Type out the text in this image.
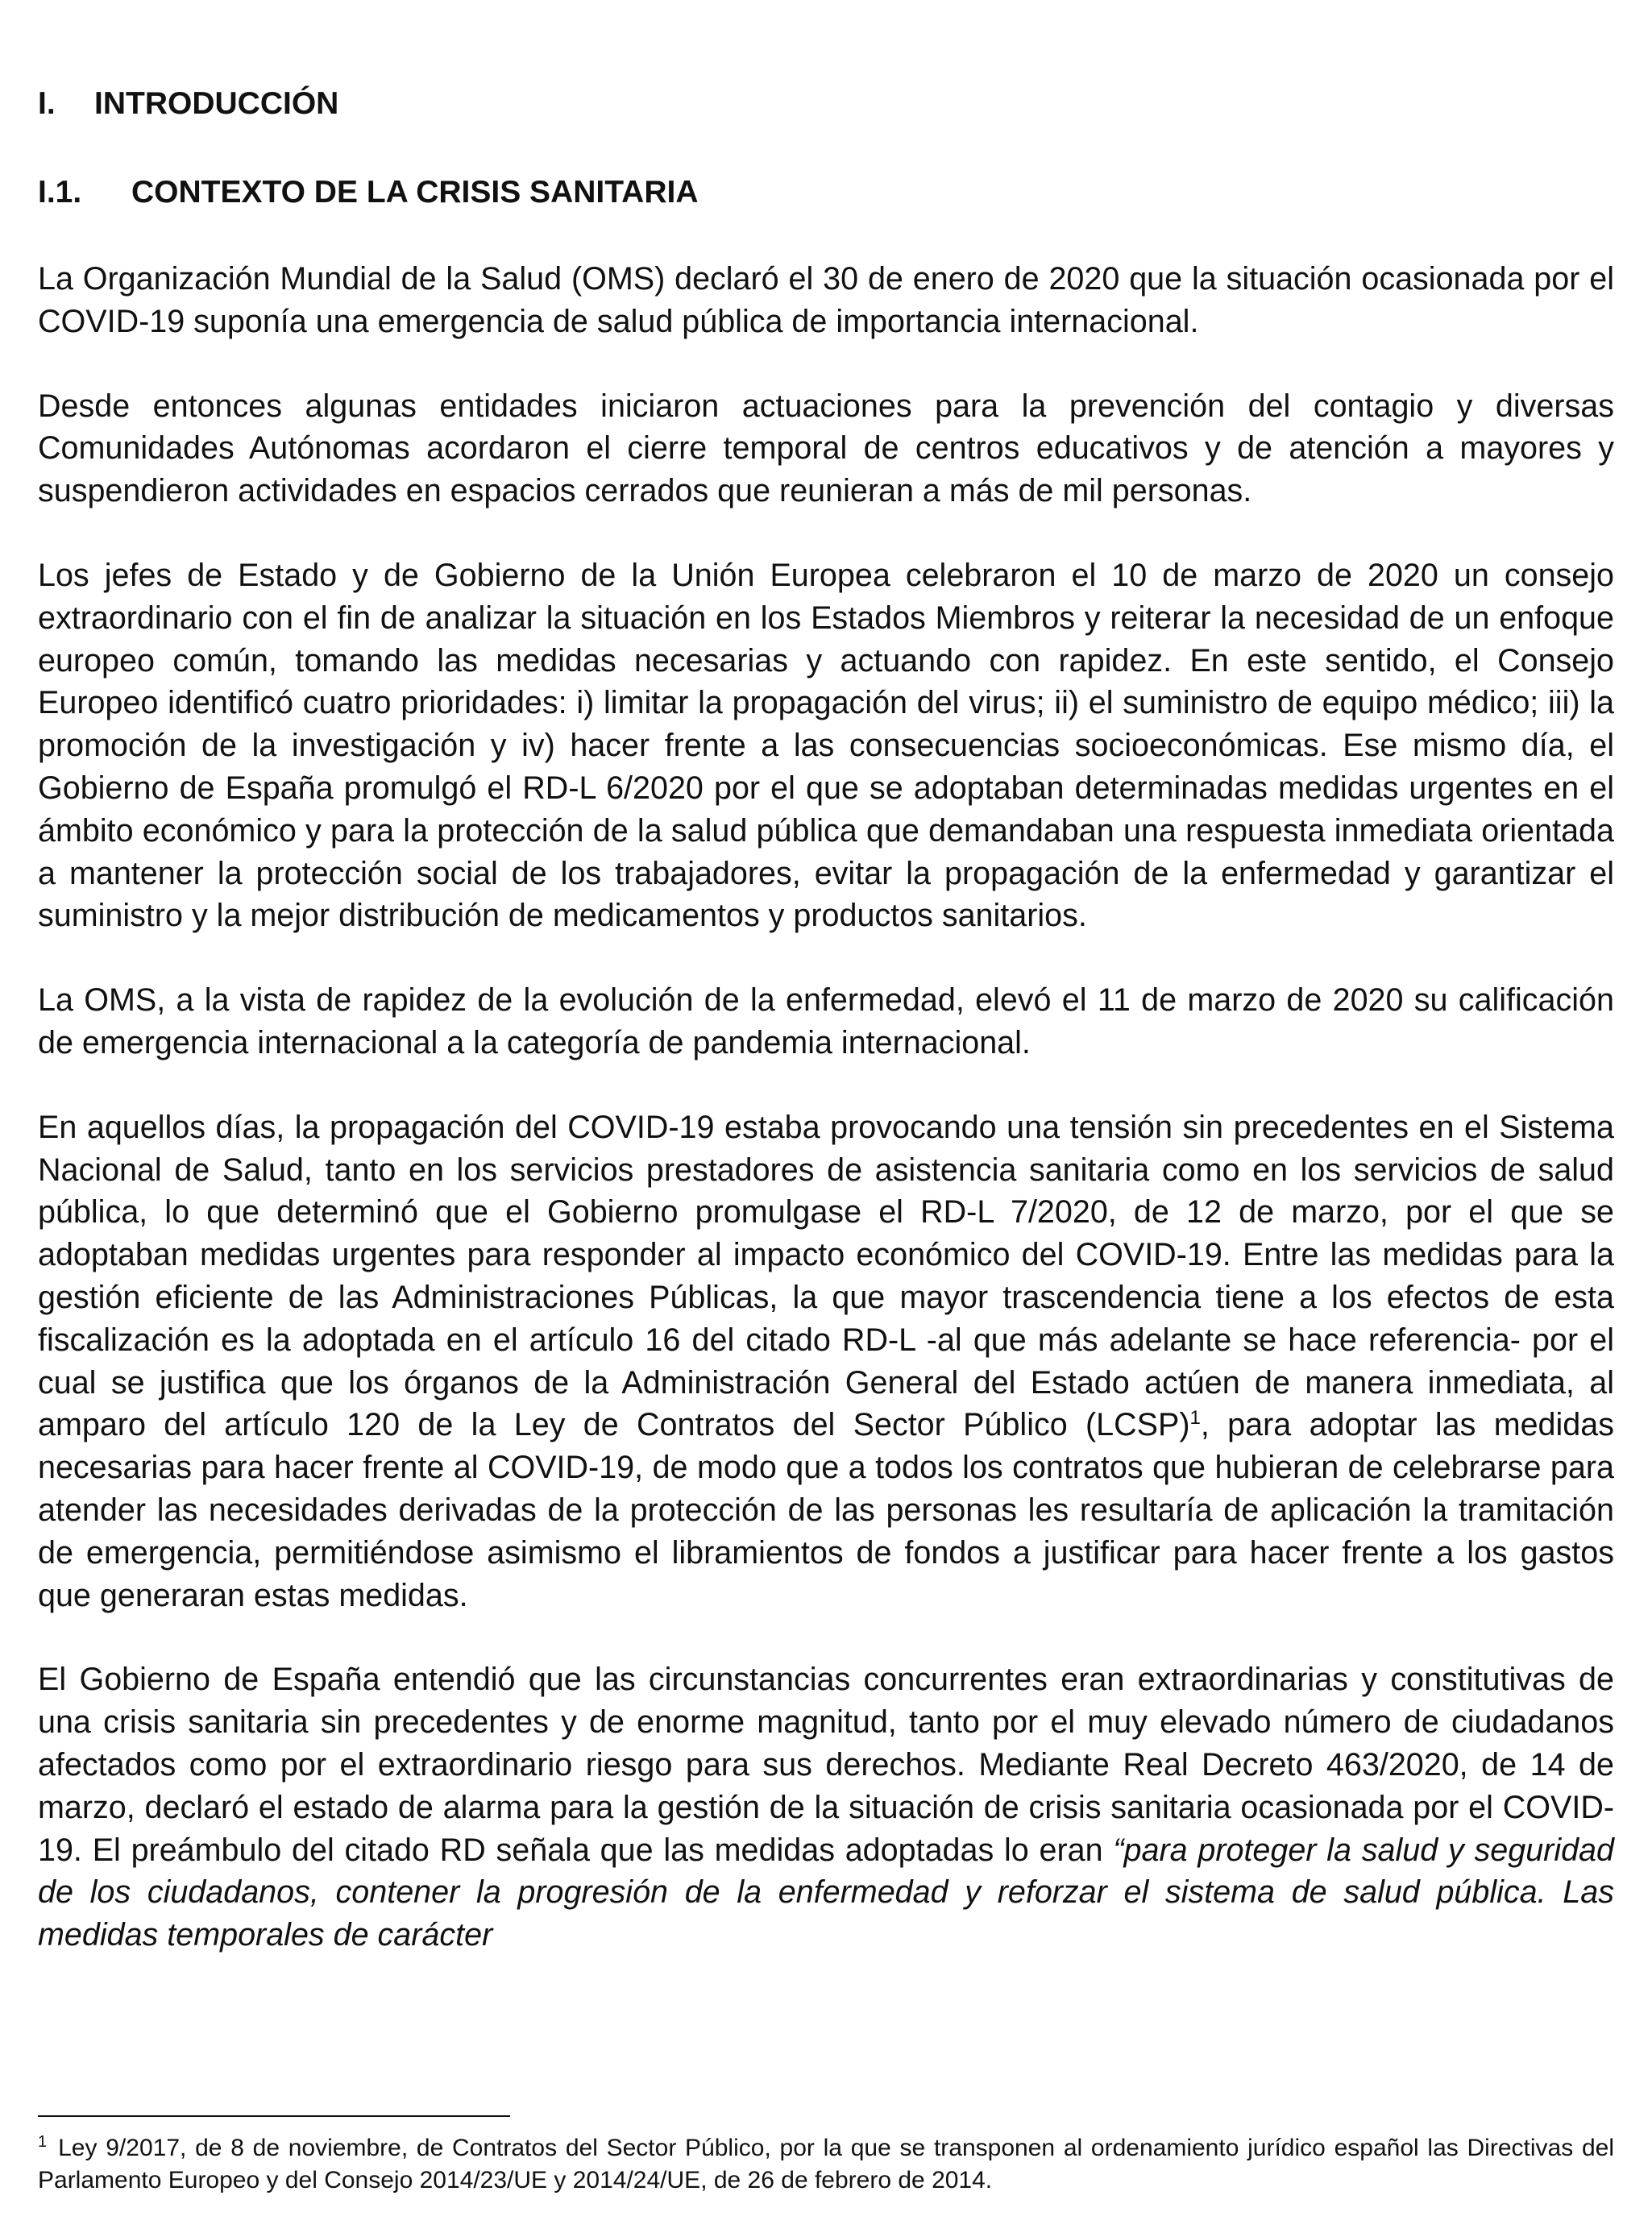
I.	INTRODUCCIÓN
I.1.	CONTEXTO DE LA CRISIS SANITARIA

La Organización Mundial de la Salud (OMS) declaró el 30 de enero de 2020 que la situación ocasionada por el COVID-19 suponía una emergencia de salud pública de importancia internacional.

Desde entonces algunas entidades iniciaron actuaciones para la prevención del contagio y diversas Comunidades Autónomas acordaron el cierre temporal de centros educativos y de atención a mayores y suspendieron actividades en espacios cerrados que reunieran a más de mil personas.

Los jefes de Estado y de Gobierno de la Unión Europea celebraron el 10 de marzo de 2020 un consejo extraordinario con el fin de analizar la situación en los Estados Miembros y reiterar la necesidad de un enfoque europeo común, tomando las medidas necesarias y actuando con rapidez. En este sentido, el Consejo Europeo identificó cuatro prioridades: i) limitar la propagación del virus; ii) el suministro de equipo médico; iii) la promoción de la investigación y iv) hacer frente a las consecuencias socioeconómicas. Ese mismo día, el Gobierno de España promulgó el RD-L 6/2020 por el que se adoptaban determinadas medidas urgentes en el ámbito económico y para la protección de la salud pública que demandaban una respuesta inmediata orientada a mantener la protección social de los trabajadores, evitar la propagación de la enfermedad y garantizar el suministro y la mejor distribución de medicamentos y productos sanitarios.

La OMS, a la vista de rapidez de la evolución de la enfermedad, elevó el 11 de marzo de 2020 su calificación de emergencia internacional a la categoría de pandemia internacional.

En aquellos días, la propagación del COVID-19 estaba provocando una tensión sin precedentes en el Sistema Nacional de Salud, tanto en los servicios prestadores de asistencia sanitaria como en los servicios de salud pública, lo que determinó que el Gobierno promulgase el RD-L 7/2020, de 12 de marzo, por el que se adoptaban medidas urgentes para responder al impacto económico del COVID-19. Entre las medidas para la gestión eficiente de las Administraciones Públicas, la que mayor trascendencia tiene a los efectos de esta fiscalización es la adoptada en el artículo 16 del citado RD-L -al que más adelante se hace referencia- por el cual se justifica que los órganos de la Administración General del Estado actúen de manera inmediata, al amparo del artículo 120 de la Ley de Contratos del Sector Público (LCSP)$^1$, para adoptar las medidas necesarias para hacer frente al COVID-19, de modo que a todos los contratos que hubieran de celebrarse para atender las necesidades derivadas de la protección de las personas les resultaría de aplicación la tramitación de emergencia, permitiéndose asimismo el libramientos de fondos a justificar para hacer frente a los gastos que generaran estas medidas.

El Gobierno de España entendió que las circunstancias concurrentes eran extraordinarias y constitutivas de una crisis sanitaria sin precedentes y de enorme magnitud, tanto por el muy elevado número de ciudadanos afectados como por el extraordinario riesgo para sus derechos. Mediante Real Decreto 463/2020, de 14 de marzo, declaró el estado de alarma para la gestión de la situación de crisis sanitaria ocasionada por el COVID-19. El preámbulo del citado RD señala que las medidas adoptadas lo eran “para proteger la salud y seguridad de los ciudadanos, contener la progresión de la enfermedad y reforzar el sistema de salud pública. Las medidas temporales de carácter

$^1$ Ley 9/2017, de 8 de noviembre, de Contratos del Sector Público, por la que se transponen al ordenamiento jurídico español las Directivas del Parlamento Europeo y del Consejo 2014/23/UE y 2014/24/UE, de 26 de febrero de 2014.
